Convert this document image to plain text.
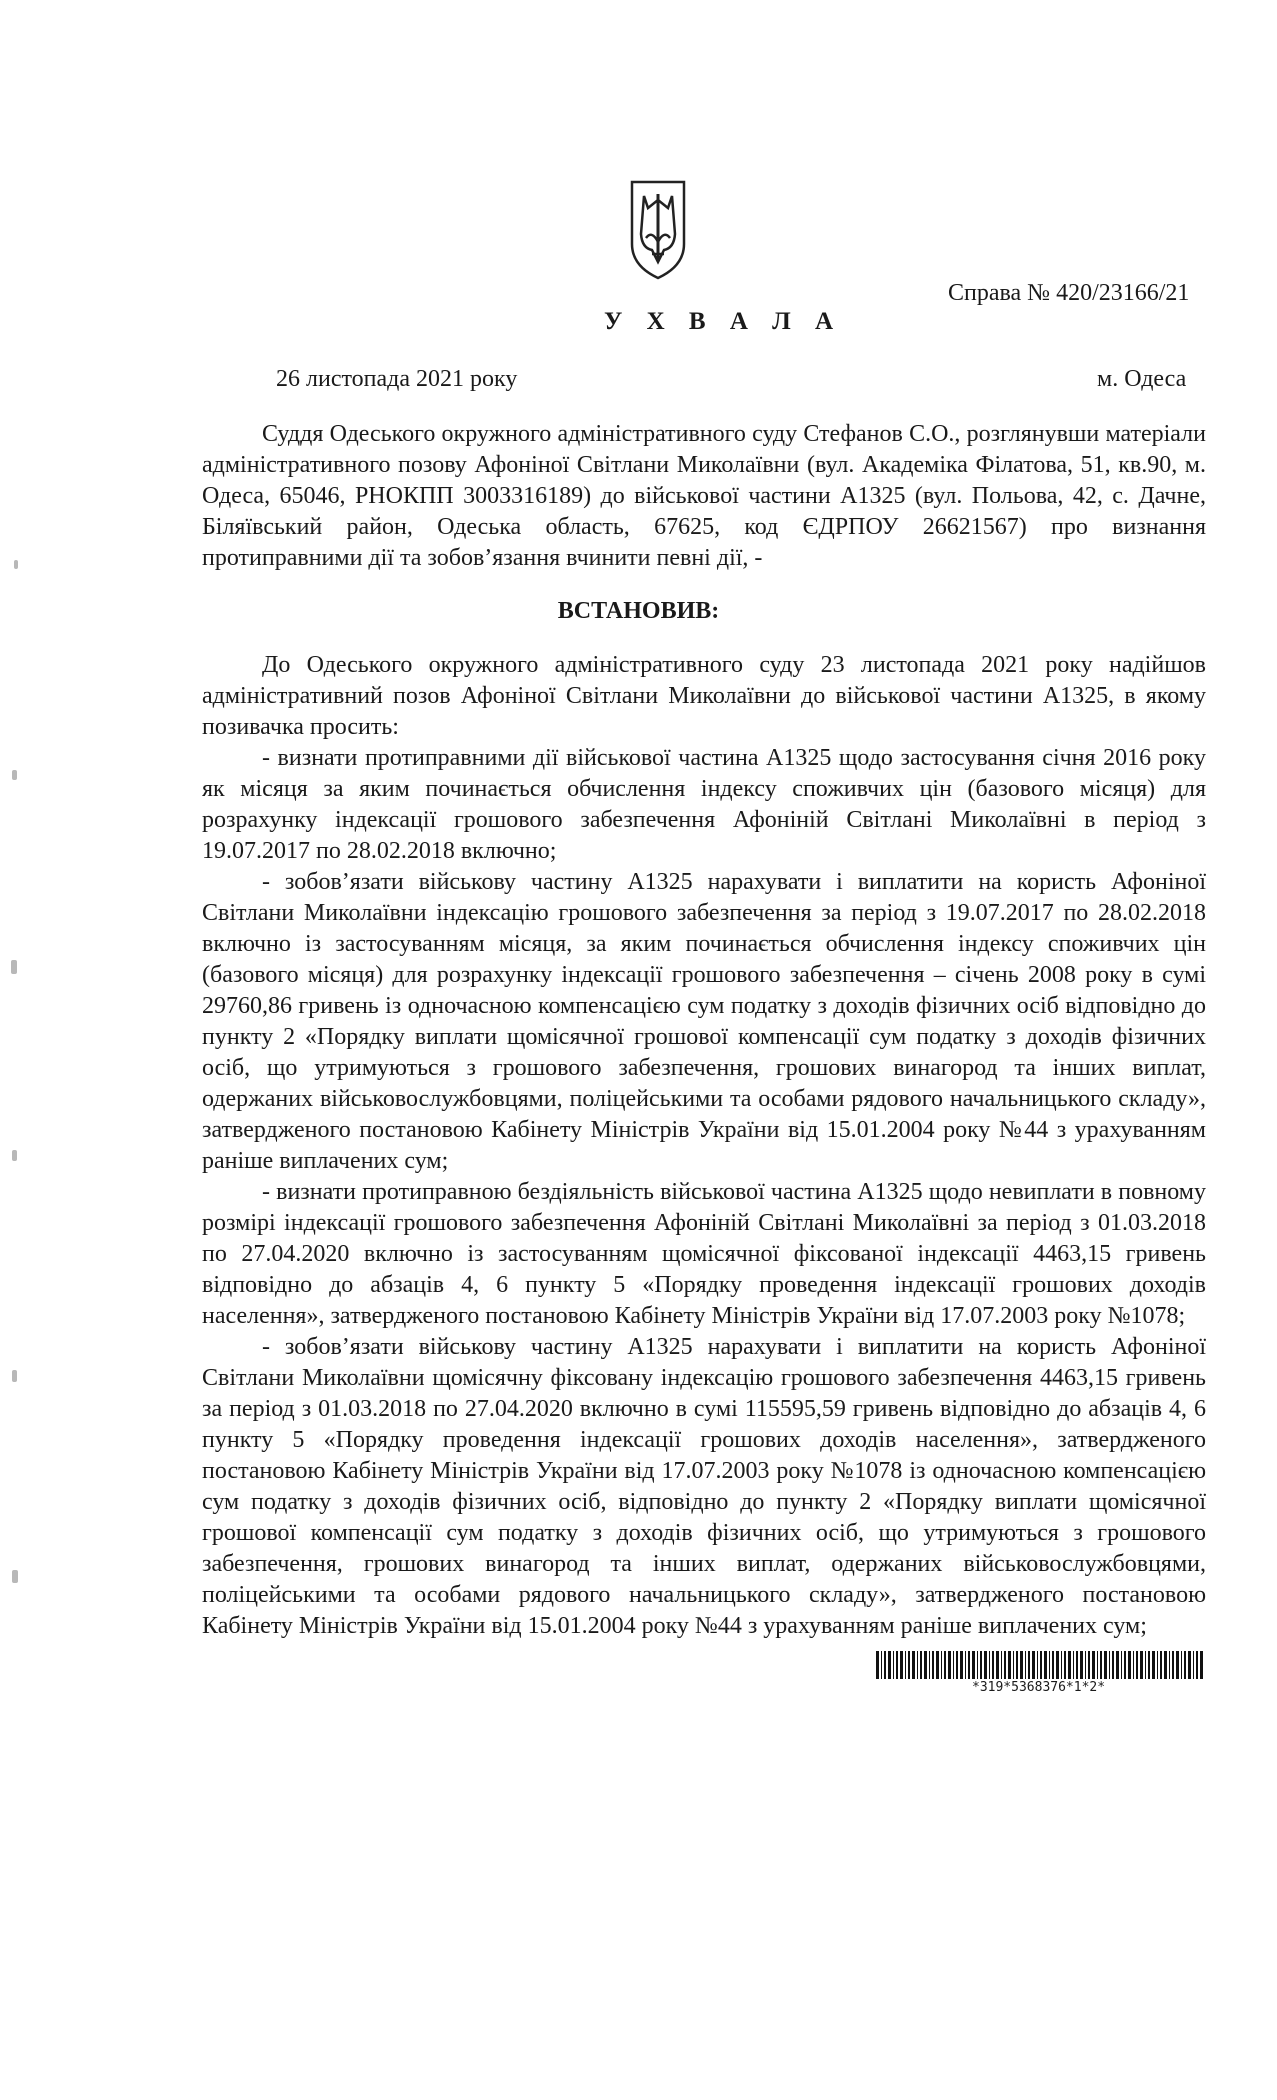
Справа № 420/23166/21
У Х В А Л А
26 листопада 2021 року	м. Одеса

Суддя Одеського окружного адміністративного суду Стефанов С.О., розглянувши матеріали адміністративного позову Афоніної Світлани Миколаївни (вул. Академіка Філатова, 51, кв.90, м. Одеса, 65046, РНОКПП 3003316189) до військової частини А1325 (вул. Польова, 42, с. Дачне, Біляївський район, Одеська область, 67625, код ЄДРПОУ 26621567) про визнання протиправними дії та зобов’язання вчинити певні дії, -

ВСТАНОВИВ:

До Одеського окружного адміністративного суду 23 листопада 2021 року надійшов адміністративний позов Афоніної Світлани Миколаївни до військової частини А1325, в якому позивачка просить:

- визнати протиправними дії військової частина А1325 щодо застосування січня 2016 року як місяця за яким починається обчислення індексу споживчих цін (базового місяця) для розрахунку індексації грошового забезпечення Афоніній Світлані Миколаївні в період з 19.07.2017 по 28.02.2018 включно;

- зобов’язати військову частину А1325 нарахувати і виплатити на користь Афоніної Світлани Миколаївни індексацію грошового забезпечення за період з 19.07.2017 по 28.02.2018 включно із застосуванням місяця, за яким починається обчислення індексу споживчих цін (базового місяця) для розрахунку індексації грошового забезпечення – січень 2008 року в сумі 29760,86 гривень із одночасною компенсацією сум податку з доходів фізичних осіб відповідно до пункту 2 «Порядку виплати щомісячної грошової компенсації сум податку з доходів фізичних осіб, що утримуються з грошового забезпечення, грошових винагород та інших виплат, одержаних військовослужбовцями, поліцейськими та особами рядового начальницького складу», затвердженого постановою Кабінету Міністрів України від 15.01.2004 року №44 з урахуванням раніше виплачених сум;

- визнати протиправною бездіяльність військової частина А1325 щодо невиплати в повному розмірі індексації грошового забезпечення Афоніній Світлані Миколаївні за період з 01.03.2018 по 27.04.2020 включно із застосуванням щомісячної фіксованої індексації 4463,15 гривень відповідно до абзаців 4, 6 пункту 5 «Порядку проведення індексації грошових доходів населення», затвердженого постановою Кабінету Міністрів України від 17.07.2003 року №1078;

- зобов’язати військову частину А1325 нарахувати і виплатити на користь Афоніної Світлани Миколаївни щомісячну фіксовану індексацію грошового забезпечення 4463,15 гривень за період з 01.03.2018 по 27.04.2020 включно в сумі 115595,59 гривень відповідно до абзаців 4, 6 пункту 5 «Порядку проведення індексації грошових доходів населення», затвердженого постановою Кабінету Міністрів України від 17.07.2003 року №1078 із одночасною компенсацією сум податку з доходів фізичних осіб, відповідно до пункту 2 «Порядку виплати щомісячної грошової компенсації сум податку з доходів фізичних осіб, що утримуються з грошового забезпечення, грошових винагород та інших виплат, одержаних військовослужбовцями, поліцейськими та особами рядового начальницького складу», затвердженого постановою Кабінету Міністрів України від 15.01.2004 року №44 з урахуванням раніше виплачених сум;

*319*5368376*1*2*
